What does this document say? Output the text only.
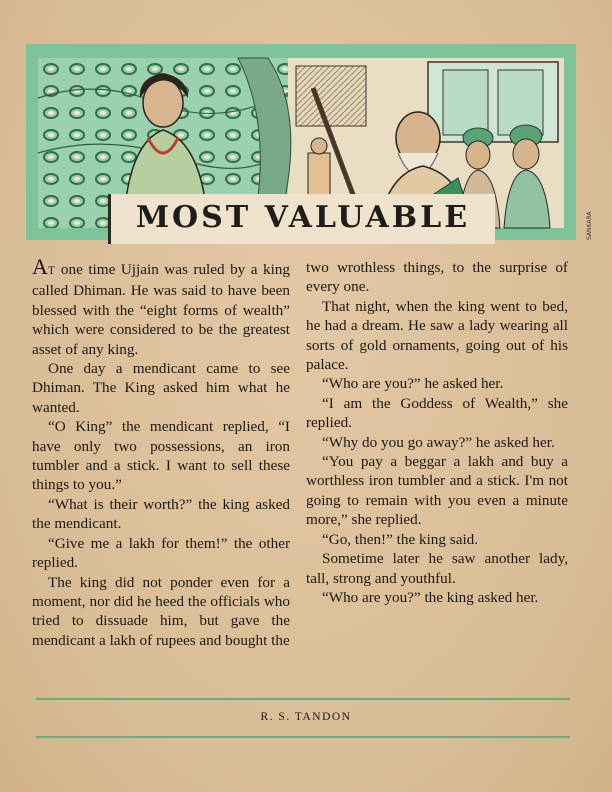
SANKARA
MOST VALUABLE

AT one time Ujjain was ruled by a king called Dhiman. He was said to have been blessed with the “eight forms of wealth” which were considered to be the greatest asset of any king.

One day a mendicant came to see Dhiman. The King asked him what he wanted.

“O King” the mendicant replied, “I have only two possessions, an iron tumbler and a stick. I want to sell these things to you.”

“What is their worth?” the king asked the mendicant.

“Give me a lakh for them!” the other replied.

The king did not ponder even for a moment, nor did he heed the officials who tried to dissuade him, but gave the mendicant a lakh of rupees and bought the

two wrothless things, to the surprise of every one.

That night, when the king went to bed, he had a dream. He saw a lady wearing all sorts of gold ornaments, going out of his palace.

“Who are you?” he asked her.

“I am the Goddess of Wealth,” she replied.

“Why do you go away?” he asked her.

“You pay a beggar a lakh and buy a worthless iron tumbler and a stick. I'm not going to remain with you even a minute more,” she replied.

“Go, then!” the king said.

Sometime later he saw another lady, tall, strong and youthful.

“Who are you?” the king asked her.

R. S. TANDON
